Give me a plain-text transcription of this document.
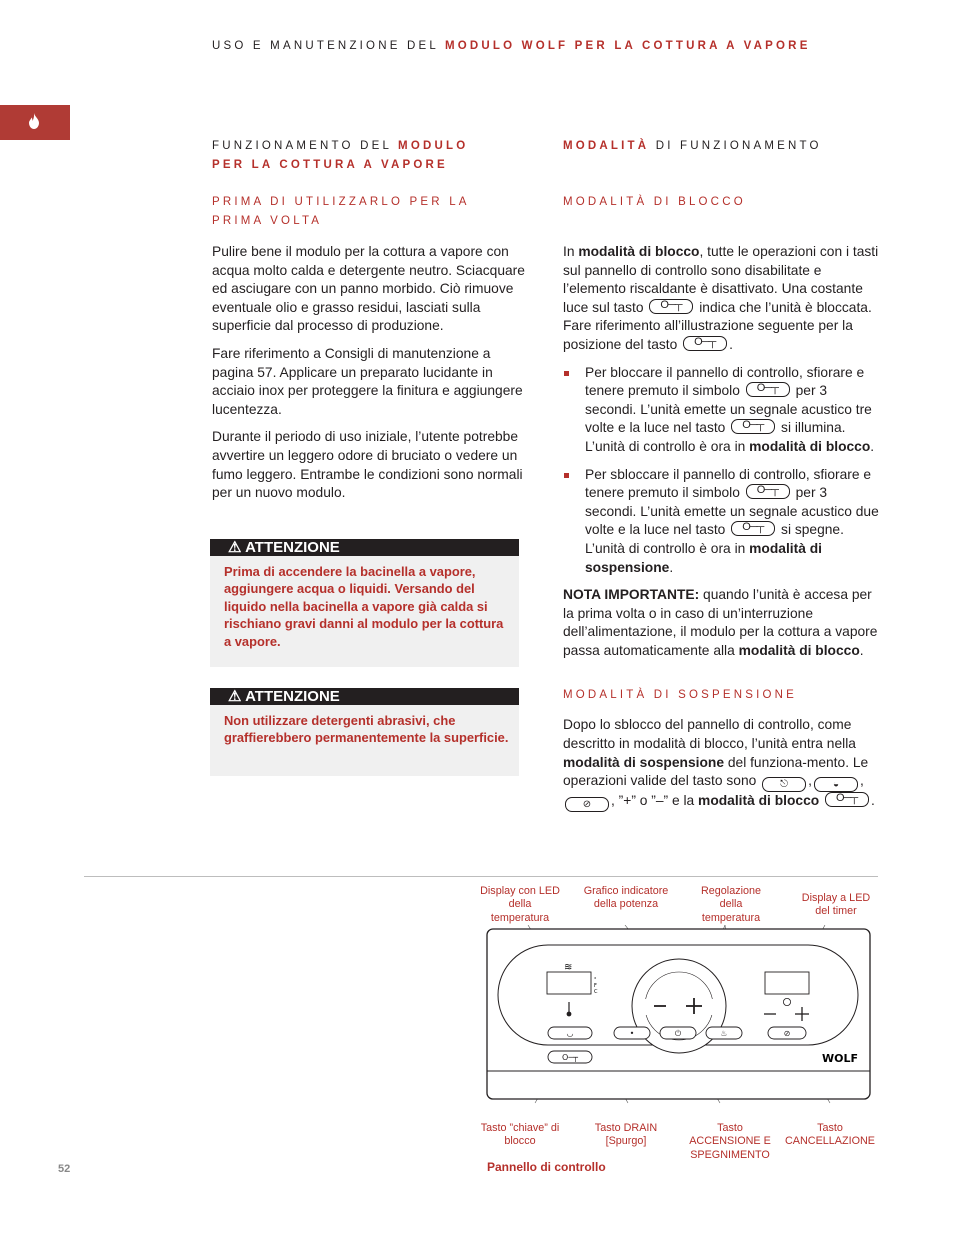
USO E MANUTENZIONE DEL MODULO WOLF PER LA COTTURA A VAPORE
FUNZIONAMENTO DEL MODULO
PER LA COTTURA A VAPORE
PRIMA DI UTILIZZARLO PER LA
PRIMA VOLTA

Pulire bene il modulo per la cottura a vapore con acqua molto calda e detergente neutro. Sciacquare ed asciugare con un panno morbido. Ciò rimuove eventuale olio e grasso residui, lasciati sulla superficie dal processo di produzione.

Fare riferimento a Consigli di manutenzione a pagina 57. Applicare un preparato lucidante in acciaio inox per proteggere la finitura e aggiungere lucentezza.

Durante il periodo di uso iniziale, l’utente potrebbe avvertire un leggero odore di bruciato o vedere un fumo leggero. Entrambe le condizioni sono normali per un nuovo modulo.

⚠ ATTENZIONE
Prima di accendere la bacinella a vapore, aggiungere acqua o liquidi. Versando del liquido nella bacinella a vapore già calda si rischiano gravi danni al modulo per la cottura a vapore.
⚠ ATTENZIONE
Non utilizzare detergenti abrasivi, che graffierebbero permanentemente la superficie.
MODALITÀ DI FUNZIONAMENTO
MODALITÀ DI BLOCCO

In modalità di blocco, tutte le operazioni con i tasti sul pannello di controllo sono disabilitate e l’elemento riscaldante è disattivato. Una costante luce sul tasto O─┬	indica che l’unità è bloccata. Fare riferimento all’illustrazione seguente per la posizione del tasto O─┬	.

Per bloccare il pannello di controllo, sfiorare e tenere premuto il simbolo O─┬	per 3 secondi. L’unità emette un segnale acustico tre volte e la luce nel tasto O─┬	si illumina. L’unità di controllo è ora in modalità di blocco.

Per sbloccare il pannello di controllo, sfiorare e tenere premuto il simbolo O─┬	per 3 secondi. L’unità emette un segnale acustico due volte e la luce nel tasto O─┬	si spegne. L’unità di controllo è ora in modalità di sospensione.

NOTA IMPORTANTE: quando l’unità è accesa per la prima volta o in caso di un’interruzione dell’alimentazione, il modulo per la cottura a vapore passa automaticamente alla modalità di blocco.

MODALITÀ DI SOSPENSIONE

Dopo lo sblocco del pannello di controllo, come descritto in modalità di blocco, l’unità entra nella modalità di sospensione del funziona-mento. Le operazioni valide del tasto sono ⎋ , ◒ ,⊘ , ”+” o ”–” e la modalità di blocco O─┬	.

Display con LED della temperatura
Grafico indicatore della potenza
Regolazione della temperatura
Display a LED del timer
≋
°
F
C
◡	•	⏻	♨	⊘
O─┬	WOLF
Tasto ”chiave” di blocco
Tasto DRAIN [Spurgo]
Tasto ACCENSIONE E SPEGNIMENTO
Tasto CANCELLAZIONE
Pannello di controllo
52
